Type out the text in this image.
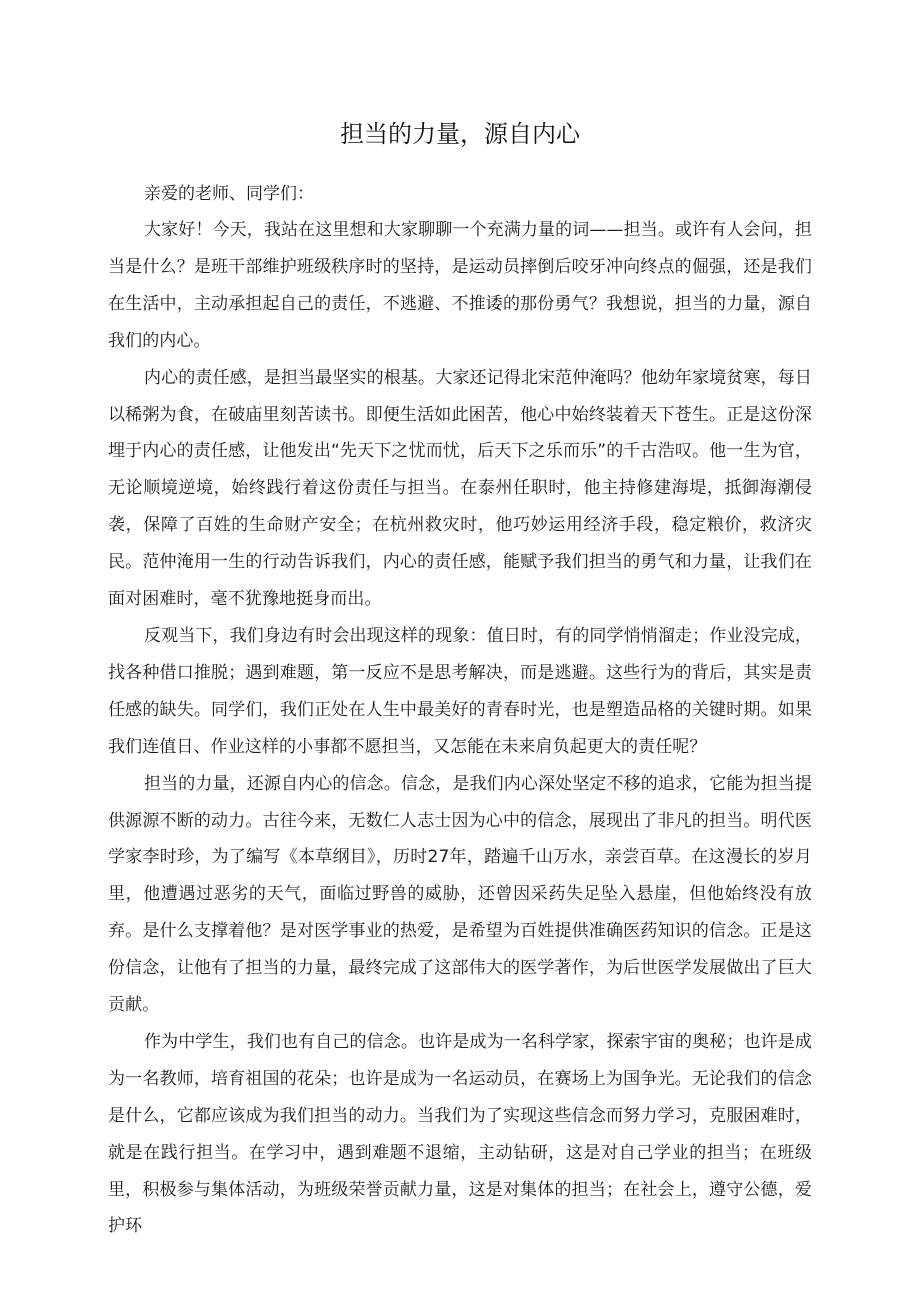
担当的力量，源自内心

亲爱的老师、同学们：

大家好！今天，我站在这里想和大家聊聊一个充满力量的词——担当。或许有人会问，担当是什么？是班干部维护班级秩序时的坚持，是运动员摔倒后咬牙冲向终点的倔强，还是我们在生活中，主动承担起自己的责任，不逃避、不推诿的那份勇气？我想说，担当的力量，源自我们的内心。

内心的责任感，是担当最坚实的根基。大家还记得北宋范仲淹吗？他幼年家境贫寒，每日以稀粥为食，在破庙里刻苦读书。即便生活如此困苦，他心中始终装着天下苍生。正是这份深埋于内心的责任感，让他发出“先天下之忧而忧，后天下之乐而乐”的千古浩叹。他一生为官，无论顺境逆境，始终践行着这份责任与担当。在泰州任职时，他主持修建海堤，抵御海潮侵袭，保障了百姓的生命财产安全；在杭州救灾时，他巧妙运用经济手段，稳定粮价，救济灾民。范仲淹用一生的行动告诉我们，内心的责任感，能赋予我们担当的勇气和力量，让我们在面对困难时，毫不犹豫地挺身而出。

反观当下，我们身边有时会出现这样的现象：值日时，有的同学悄悄溜走；作业没完成，找各种借口推脱；遇到难题，第一反应不是思考解决，而是逃避。这些行为的背后，其实是责任感的缺失。同学们，我们正处在人生中最美好的青春时光，也是塑造品格的关键时期。如果我们连值日、作业这样的小事都不愿担当，又怎能在未来肩负起更大的责任呢？

担当的力量，还源自内心的信念。信念，是我们内心深处坚定不移的追求，它能为担当提供源源不断的动力。古往今来，无数仁人志士因为心中的信念，展现出了非凡的担当。明代医学家李时珍，为了编写《本草纲目》，历时27年，踏遍千山万水，亲尝百草。在这漫长的岁月里，他遭遇过恶劣的天气，面临过野兽的威胁，还曾因采药失足坠入悬崖，但他始终没有放弃。是什么支撑着他？是对医学事业的热爱，是希望为百姓提供准确医药知识的信念。正是这份信念，让他有了担当的力量，最终完成了这部伟大的医学著作，为后世医学发展做出了巨大贡献。

作为中学生，我们也有自己的信念。也许是成为一名科学家，探索宇宙的奥秘；也许是成为一名教师，培育祖国的花朵；也许是成为一名运动员，在赛场上为国争光。无论我们的信念是什么，它都应该成为我们担当的动力。当我们为了实现这些信念而努力学习，克服困难时，就是在践行担当。在学习中，遇到难题不退缩，主动钻研，这是对自己学业的担当；在班级里，积极参与集体活动，为班级荣誉贡献力量，这是对集体的担当；在社会上，遵守公德，爱护环
